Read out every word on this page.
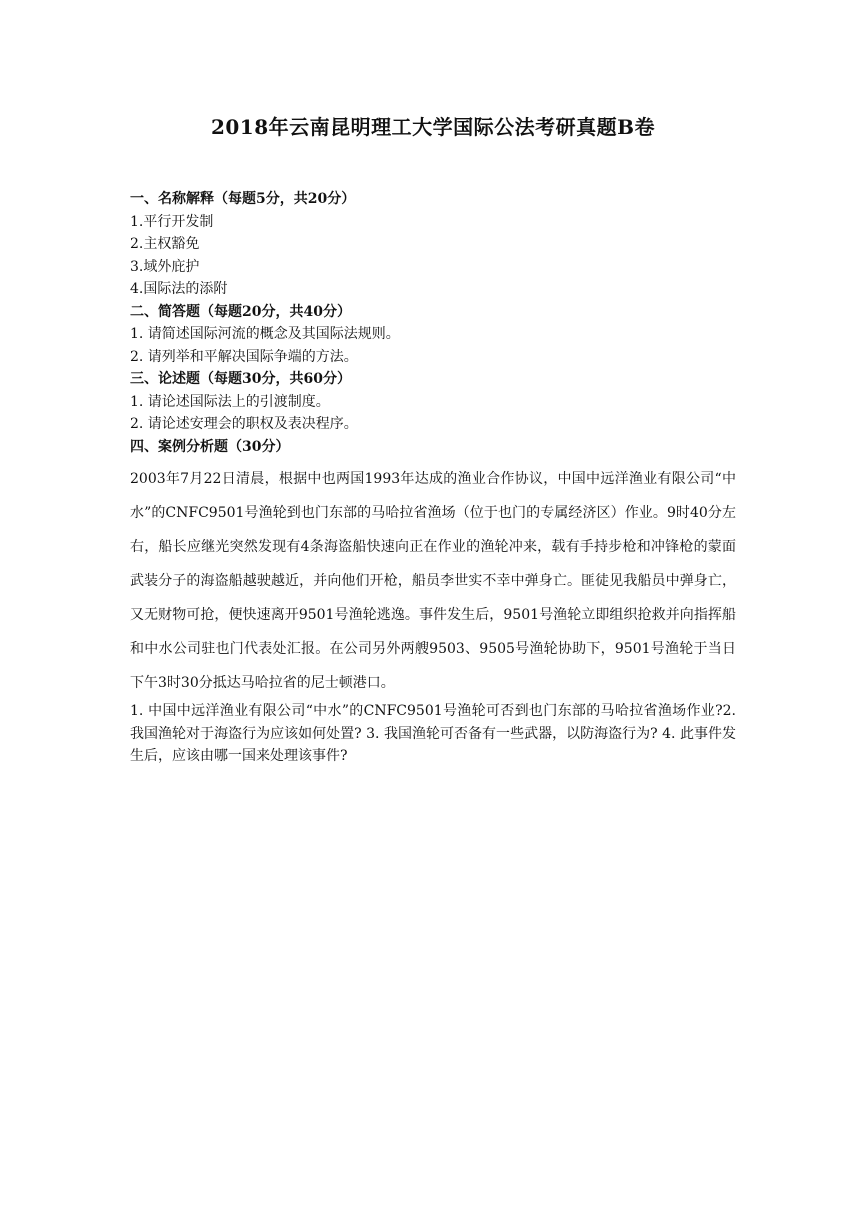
2018年云南昆明理工大学国际公法考研真题B卷
一、名称解释（每题5分，共20分）
1.平行开发制
2.主权豁免
3.域外庇护
4.国际法的添附
二、简答题（每题20分，共40分）
1. 请简述国际河流的概念及其国际法规则。
2. 请列举和平解决国际争端的方法。
三、论述题（每题30分，共60分）
1. 请论述国际法上的引渡制度。
2. 请论述安理会的职权及表决程序。
四、案例分析题（30分）
2003年7月22日清晨，根据中也两国1993年达成的渔业合作协议，中国中远洋渔业有限公司“中水”的CNFC9501号渔轮到也门东部的马哈拉省渔场（位于也门的专属经济区）作业。9时40分左右，船长应继光突然发现有4条海盗船快速向正在作业的渔轮冲来，载有手持步枪和冲锋枪的蒙面武装分子的海盗船越驶越近，并向他们开枪，船员李世实不幸中弹身亡。匪徒见我船员中弹身亡，又无财物可抢，便快速离开9501号渔轮逃逸。事件发生后，9501号渔轮立即组织抢救并向指挥船和中水公司驻也门代表处汇报。在公司另外两艘9503、9505号渔轮协助下，9501号渔轮于当日下午3时30分抵达马哈拉省的尼士顿港口。
1. 中国中远洋渔业有限公司“中水”的CNFC9501号渔轮可否到也门东部的马哈拉省渔场作业?2. 我国渔轮对于海盗行为应该如何处置? 3. 我国渔轮可否备有一些武器，以防海盗行为? 4. 此事件发生后，应该由哪一国来处理该事件?
